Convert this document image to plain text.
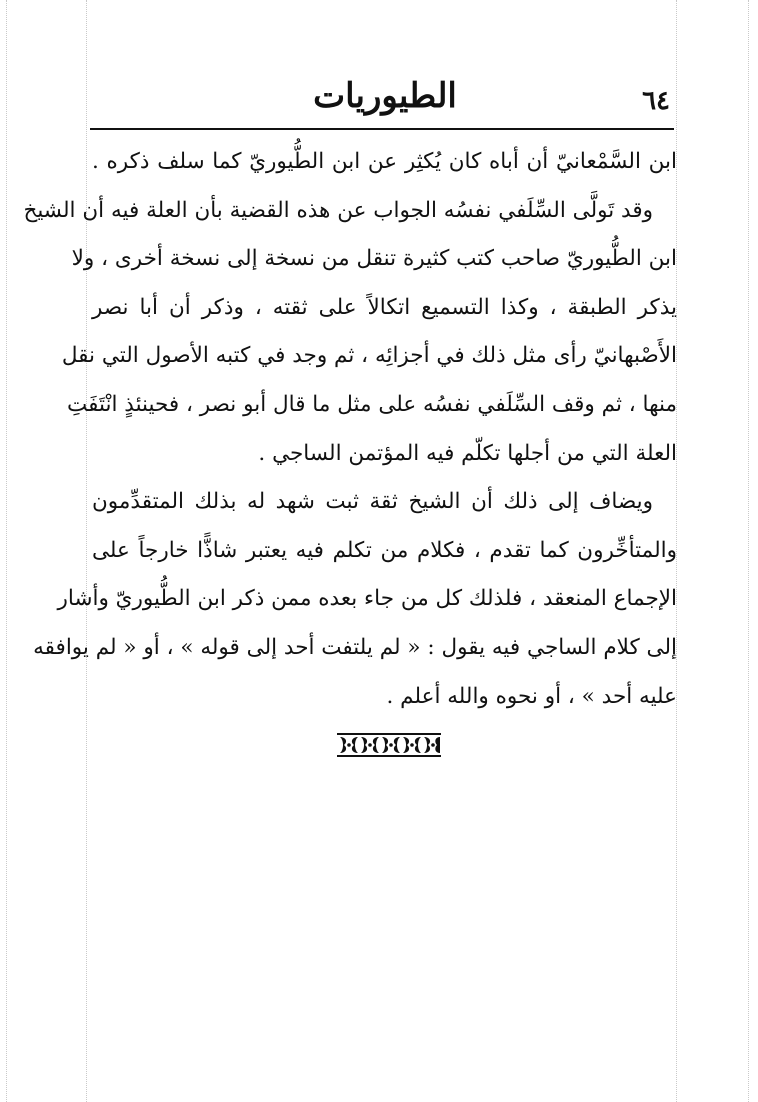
الطيوريات	٦٤
ابن السَّمْعانيّ أن أباه كان يُكثِر عن ابن الطُّيوريّ كما سلف ذكره .
وقد تَولَّى السِّلَفي نفسُه الجواب عن هذه القضية بأن العلة فيه أن الشيخ
ابن الطُّيوريّ صاحب كتب كثيرة تنقل من نسخة إلى نسخة أخرى ، ولا
يذكر الطبقة ، وكذا التسميع اتكالاً على ثقته ، وذكر أن أبا نصر
الأَصْبهانيّ رأى مثل ذلك في أجزائِه ، ثم وجد في كتبه الأصول التي نقل
منها ، ثم وقف السِّلَفي نفسُه على مثل ما قال أبو نصر ، فحينئذٍ انْتَفَتِ
العلة التي من أجلها تكلّم فيه المؤتمن الساجي .
ويضاف إلى ذلك أن الشيخ ثقة ثبت شهد له بذلك المتقدِّمون
والمتأخِّرون كما تقدم ، فكلام من تكلم فيه يعتبر شاذًّا خارجاً على
الإجماع المنعقد ، فلذلك كل من جاء بعده ممن ذكر ابن الطُّيوريّ وأشار
إلى كلام الساجي فيه يقول : « لم يلتفت أحد إلى قوله » ، أو « لم يوافقه
عليه أحد » ، أو نحوه والله أعلم .
